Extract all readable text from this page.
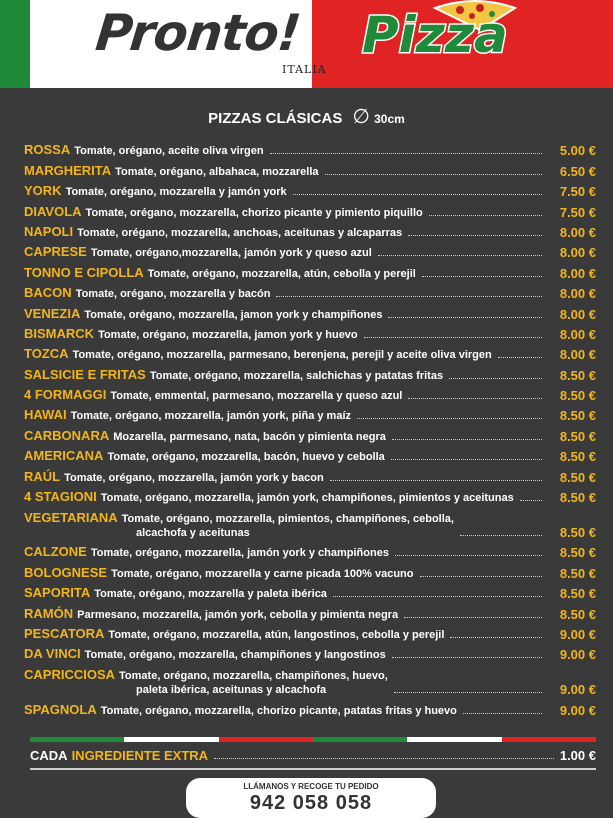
Pronto!
ITALIA
Pizza
PIZZAS CLÁSICAS ∅ 30cm
ROSSA Tomate, orégano, aceite oliva virgen	5.00 €
MARGHERITA Tomate, orégano, albahaca, mozzarella	6.50 €
YORK Tomate, orégano, mozzarella y jamón york	7.50 €
DIAVOLA Tomate, orégano, mozzarella, chorizo picante y pimiento piquillo	7.50 €
NAPOLI Tomate, orégano, mozzarella, anchoas, aceitunas y alcaparras	8.00 €
CAPRESE Tomate, orégano,mozzarella, jamón york y queso azul	8.00 €
TONNO E CIPOLLA Tomate, orégano, mozzarella, atún, cebolla y perejil	8.00 €
BACON Tomate, orégano, mozzarella y bacón	8.00 €
VENEZIA Tomate, orégano, mozzarella, jamon york y champiñones	8.00 €
BISMARCK Tomate, orégano, mozzarella, jamon york y huevo	8.00 €
TOZCA Tomate, orégano, mozzarella, parmesano, berenjena, perejil y aceite oliva virgen	8.00 €
SALSICIE E FRITAS Tomate, orégano, mozzarella, salchichas y patatas fritas	8.50 €
4 FORMAGGI Tomate, emmental, parmesano, mozzarella y queso azul	8.50 €
HAWAI Tomate, orégano, mozzarella, jamón york, piña y maíz	8.50 €
CARBONARA Mozarella, parmesano, nata, bacón y pimienta negra	8.50 €
AMERICANA Tomate, orégano, mozzarella, bacón, huevo y cebolla	8.50 €
RAÚL Tomate, orégano, mozzarella, jamón york y bacon	8.50 €
4 STAGIONI Tomate, orégano, mozzarella, jamón york, champiñones, pimientos y aceitunas	8.50 €
VEGETARIANA Tomate, orégano, mozzarella, pimientos, champiñones, cebolla,
alcachofa y aceitunas	8.50 €
CALZONE Tomate, orégano, mozzarella, jamón york y champiñones	8.50 €
BOLOGNESE Tomate, orégano, mozzarella y carne picada 100% vacuno	8.50 €
SAPORITA Tomate, orégano, mozzarella y paleta ibérica	8.50 €
RAMÓN Parmesano, mozzarella, jamón york, cebolla y pimienta negra	8.50 €
PESCATORA Tomate, orégano, mozzarella, atún, langostinos, cebolla y perejil	9.00 €
DA VINCI Tomate, orégano, mozzarella, champiñones y langostinos	9.00 €
CAPRICCIOSA Tomate, orégano, mozzarella, champiñones, huevo,
paleta ibérica, aceitunas y alcachofa	9.00 €
SPAGNOLA Tomate, orégano, mozzarella, chorizo picante, patatas fritas y huevo	9.00 €
CADA INGREDIENTE EXTRA	1.00 €
LLÁMANOS Y RECOGE TU PEDIDO
942 058 058
